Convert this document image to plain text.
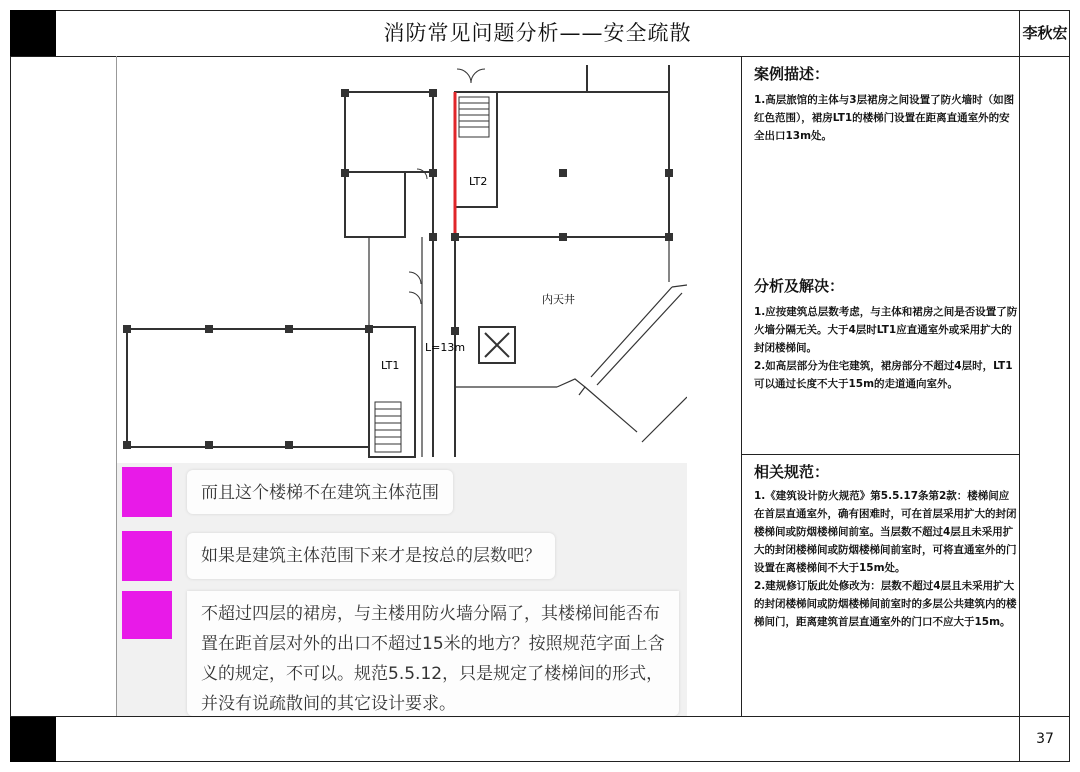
消防常见问题分析——安全疏散	李秋宏
37
LT2
内天井
L=13m
LT1
而且这个楼梯不在建筑主体范围
如果是建筑主体范围下来才是按总的层数吧？
不超过四层的裙房，与主楼用防火墙分隔了，其楼梯间能否布置在距首层对外的出口不超过15米的地方？按照规范字面上含义的规定，不可以。规范5.5.12，只是规定了楼梯间的形式，并没有说疏散间的其它设计要求。
案例描述：
1.高层旅馆的主体与3层裙房之间设置了防火墙时（如图红色范围），裙房LT1的楼梯门设置在距离直通室外的安全出口13m处。
分析及解决：
1.应按建筑总层数考虑，与主体和裙房之间是否设置了防火墙分隔无关。大于4层时LT1应直通室外或采用扩大的封闭楼梯间。
2.如高层部分为住宅建筑，裙房部分不超过4层时，LT1可以通过长度不大于15m的走道通向室外。
相关规范：
1.《建筑设计防火规范》第5.5.17条第2款：楼梯间应在首层直通室外，确有困难时，可在首层采用扩大的封闭楼梯间或防烟楼梯间前室。当层数不超过4层且未采用扩大的封闭楼梯间或防烟楼梯间前室时，可将直通室外的门设置在离楼梯间不大于15m处。
2.建规修订版此处修改为：层数不超过4层且未采用扩大的封闭楼梯间或防烟楼梯间前室时的多层公共建筑内的楼梯间门，距离建筑首层直通室外的门口不应大于15m。
